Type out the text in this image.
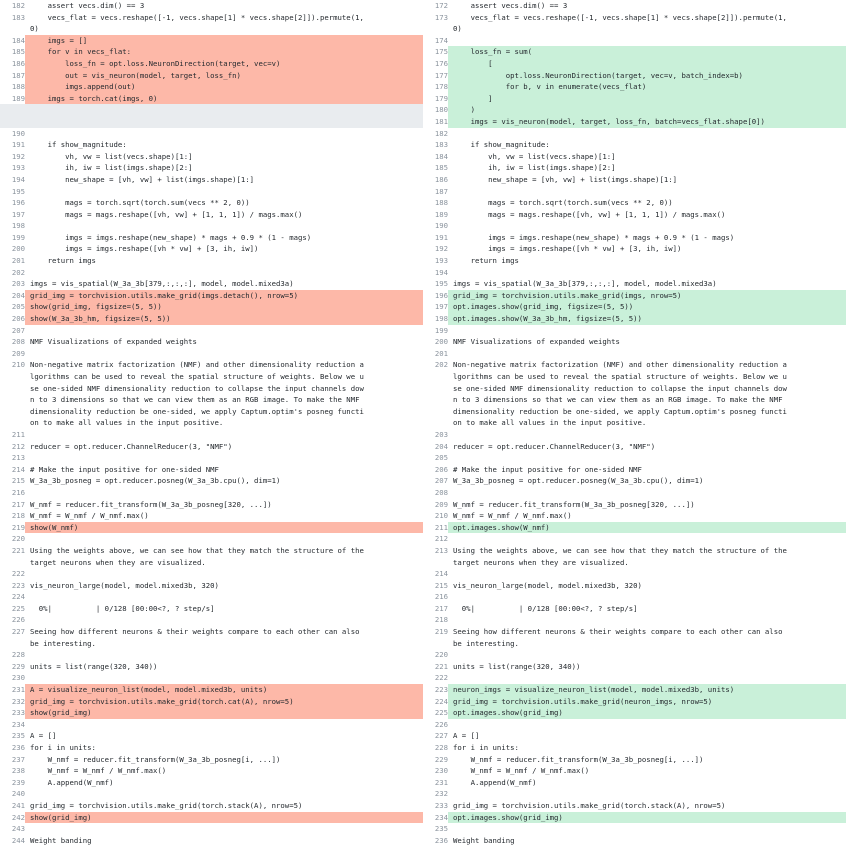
182 assert vecs.dim() == 3
183 vecs_flat = vecs.reshape([-1, vecs.shape[1] * vecs.shape[2]]).permute(1,
0)
184 imgs = []
185 for v in vecs_flat:
186 loss_fn = opt.loss.NeuronDirection(target, vec=v)
187 out = vis_neuron(model, target, loss_fn)
188 imgs.append(out)
189 imgs = torch.cat(imgs, 0)
190
191 if show_magnitude:
192 vh, vw = list(vecs.shape)[1:]
193 ih, iw = list(imgs.shape)[2:]
194 new_shape = [vh, vw] + list(imgs.shape)[1:]
195
196 mags = torch.sqrt(torch.sum(vecs ** 2, 0))
197 mags = mags.reshape([vh, vw] + [1, 1, 1]) / mags.max()
198
199 imgs = imgs.reshape(new_shape) * mags + 0.9 * (1 - mags)
200 imgs = imgs.reshape([vh * vw] + [3, ih, iw])
201 return imgs
202
203 imgs = vis_spatial(W_3a_3b[379,:,:,:], model, model.mixed3a)
204 grid_img = torchvision.utils.make_grid(imgs.detach(), nrow=5)
205 show(grid_img, figsize=(5, 5))
206 show(W_3a_3b_hm, figsize=(5, 5))
207
208 NMF Visualizations of expanded weights
209
210 Non-negative matrix factorization (NMF) and other dimensionality reduction a
lgorithms can be used to reveal the spatial structure of weights. Below we u
se one-sided NMF dimensionality reduction to collapse the input channels dow
n to 3 dimensions so that we can view them as an RGB image. To make the NMF
dimensionality reduction be one-sided, we apply Captum.optim's posneg functi
on to make all values in the input positive.
211
212 reducer = opt.reducer.ChannelReducer(3, "NMF")
213
214 # Make the input positive for one-sided NMF
215 W_3a_3b_posneg = opt.reducer.posneg(W_3a_3b.cpu(), dim=1)
216
217 W_nmf = reducer.fit_transform(W_3a_3b_posneg[320, ...])
218 W_nmf = W_nmf / W_nmf.max()
219 show(W_nmf)
220
221 Using the weights above, we can see how that they match the structure of the
target neurons when they are visualized.
222
223 vis_neuron_large(model, model.mixed3b, 320)
224
225 0%|          | 0/128 [00:00<?, ? step/s]
226
227 Seeing how different neurons & their weights compare to each other can also
be interesting.
228
229 units = list(range(320, 340))
230
231 A = visualize_neuron_list(model, model.mixed3b, units)
232 grid_img = torchvision.utils.make_grid(torch.cat(A), nrow=5)
233 show(grid_img)
234
235 A = []
236 for i in units:
237 W_nmf = reducer.fit_transform(W_3a_3b_posneg[i, ...])
238 W_nmf = W_nmf / W_nmf.max()
239 A.append(W_nmf)
240
241 grid_img = torchvision.utils.make_grid(torch.stack(A), nrow=5)
242 show(grid_img)
243
244 Weight banding
172 assert vecs.dim() == 3
173 vecs_flat = vecs.reshape([-1, vecs.shape[1] * vecs.shape[2]]).permute(1,
0)
174
175 loss_fn = sum(
176 [
177 opt.loss.NeuronDirection(target, vec=v, batch_index=b)
178 for b, v in enumerate(vecs_flat)
179 ]
180 )
181 imgs = vis_neuron(model, target, loss_fn, batch=vecs_flat.shape[0])
182
183 if show_magnitude:
184 vh, vw = list(vecs.shape)[1:]
185 ih, iw = list(imgs.shape)[2:]
186 new_shape = [vh, vw] + list(imgs.shape)[1:]
187
188 mags = torch.sqrt(torch.sum(vecs ** 2, 0))
189 mags = mags.reshape([vh, vw] + [1, 1, 1]) / mags.max()
190
191 imgs = imgs.reshape(new_shape) * mags + 0.9 * (1 - mags)
192 imgs = imgs.reshape([vh * vw] + [3, ih, iw])
193 return imgs
194
195 imgs = vis_spatial(W_3a_3b[379,:,:,:], model, model.mixed3a)
196 grid_img = torchvision.utils.make_grid(imgs, nrow=5)
197 opt.images.show(grid_img, figsize=(5, 5))
198 opt.images.show(W_3a_3b_hm, figsize=(5, 5))
199
200 NMF Visualizations of expanded weights
201
202 Non-negative matrix factorization (NMF) and other dimensionality reduction a
lgorithms can be used to reveal the spatial structure of weights. Below we u
se one-sided NMF dimensionality reduction to collapse the input channels dow
n to 3 dimensions so that we can view them as an RGB image. To make the NMF
dimensionality reduction be one-sided, we apply Captum.optim's posneg functi
on to make all values in the input positive.
203
204 reducer = opt.reducer.ChannelReducer(3, "NMF")
205
206 # Make the input positive for one-sided NMF
207 W_3a_3b_posneg = opt.reducer.posneg(W_3a_3b.cpu(), dim=1)
208
209 W_nmf = reducer.fit_transform(W_3a_3b_posneg[320, ...])
210 W_nmf = W_nmf / W_nmf.max()
211 opt.images.show(W_nmf)
212
213 Using the weights above, we can see how that they match the structure of the
target neurons when they are visualized.
214
215 vis_neuron_large(model, model.mixed3b, 320)
216
217 0%|          | 0/128 [00:00<?, ? step/s]
218
219 Seeing how different neurons & their weights compare to each other can also
be interesting.
220
221 units = list(range(320, 340))
222
223 neuron_imgs = visualize_neuron_list(model, model.mixed3b, units)
224 grid_img = torchvision.utils.make_grid(neuron_imgs, nrow=5)
225 opt.images.show(grid_img)
226
227 A = []
228 for i in units:
229 W_nmf = reducer.fit_transform(W_3a_3b_posneg[i, ...])
230 W_nmf = W_nmf / W_nmf.max()
231 A.append(W_nmf)
232
233 grid_img = torchvision.utils.make_grid(torch.stack(A), nrow=5)
234 opt.images.show(grid_img)
235
236 Weight banding
